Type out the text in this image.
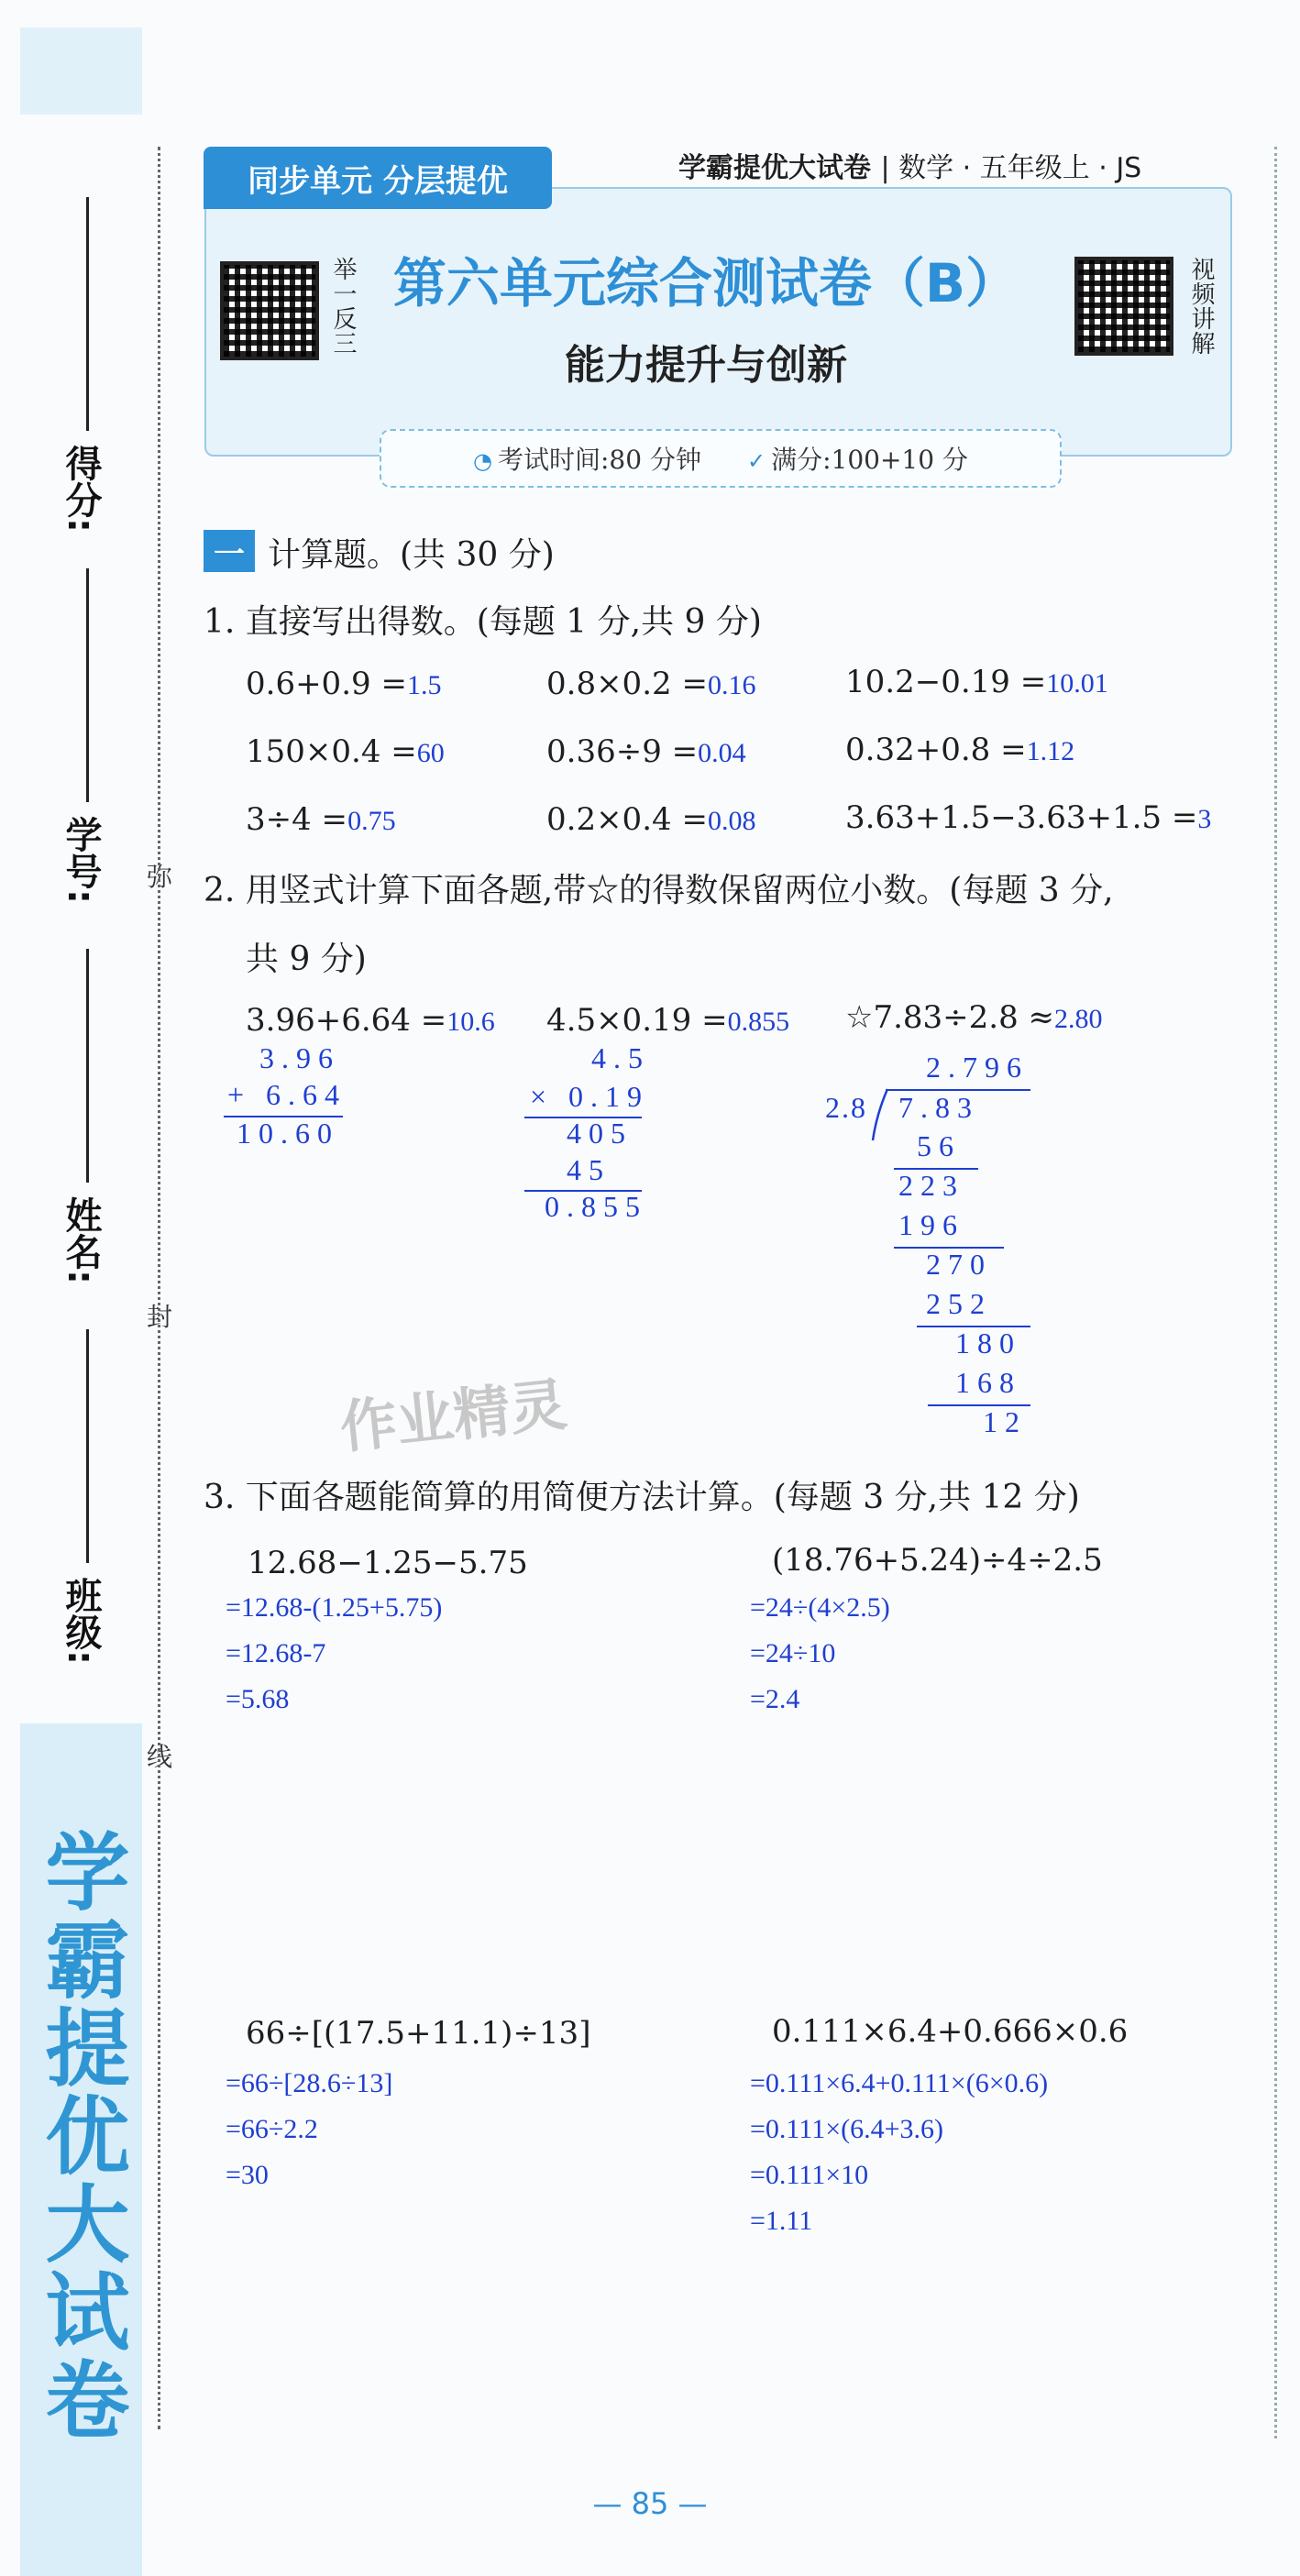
学霸提优大试卷
得分:
学号:
姓名:
班级:
弥
封
线
同步单元 分层提优	学霸提优大试卷 | 数学 · 五年级上 · JS
举一反三	视频讲解
第六单元综合测试卷（B）
能力提升与创新
◔ 考试时间:80 分钟 ✓ 满分:100+10 分
一 计算题。(共 30 分)
1. 直接写出得数。(每题 1 分,共 9 分)
0.6+0.9 =1.5	0.8×0.2 =0.16	10.2−0.19 =10.01
150×0.4 =60	0.36÷9 =0.04	0.32+0.8 =1.12
3÷4 =0.75	0.2×0.4 =0.08	3.63+1.5−3.63+1.5 =3
2. 用竖式计算下面各题,带☆的得数保留两位小数。(每题 3 分,
共 9 分)
3.96+6.64 =10.6 4.5×0.19 =0.855 ☆7.83÷2.8 ≈2.80
3.96
+ 6.64
10.60
4.5
× 0.19
405
45
0.855
2.796
2.8 7.83
56
223
196
270
252
180
168
12
作业精灵
3. 下面各题能简算的用简便方法计算。(每题 3 分,共 12 分)
12.68−1.25−5.75
=12.68-(1.25+5.75)
=12.68-7
=5.68
(18.76+5.24)÷4÷2.5
=24÷(4×2.5)
=24÷10
=2.4
66÷[(17.5+11.1)÷13]
=66÷[28.6÷13]
=66÷2.2
=30
0.111×6.4+0.666×0.6
=0.111×6.4+0.111×(6×0.6)
=0.111×(6.4+3.6)
=0.111×10
=1.11
— 85 —
